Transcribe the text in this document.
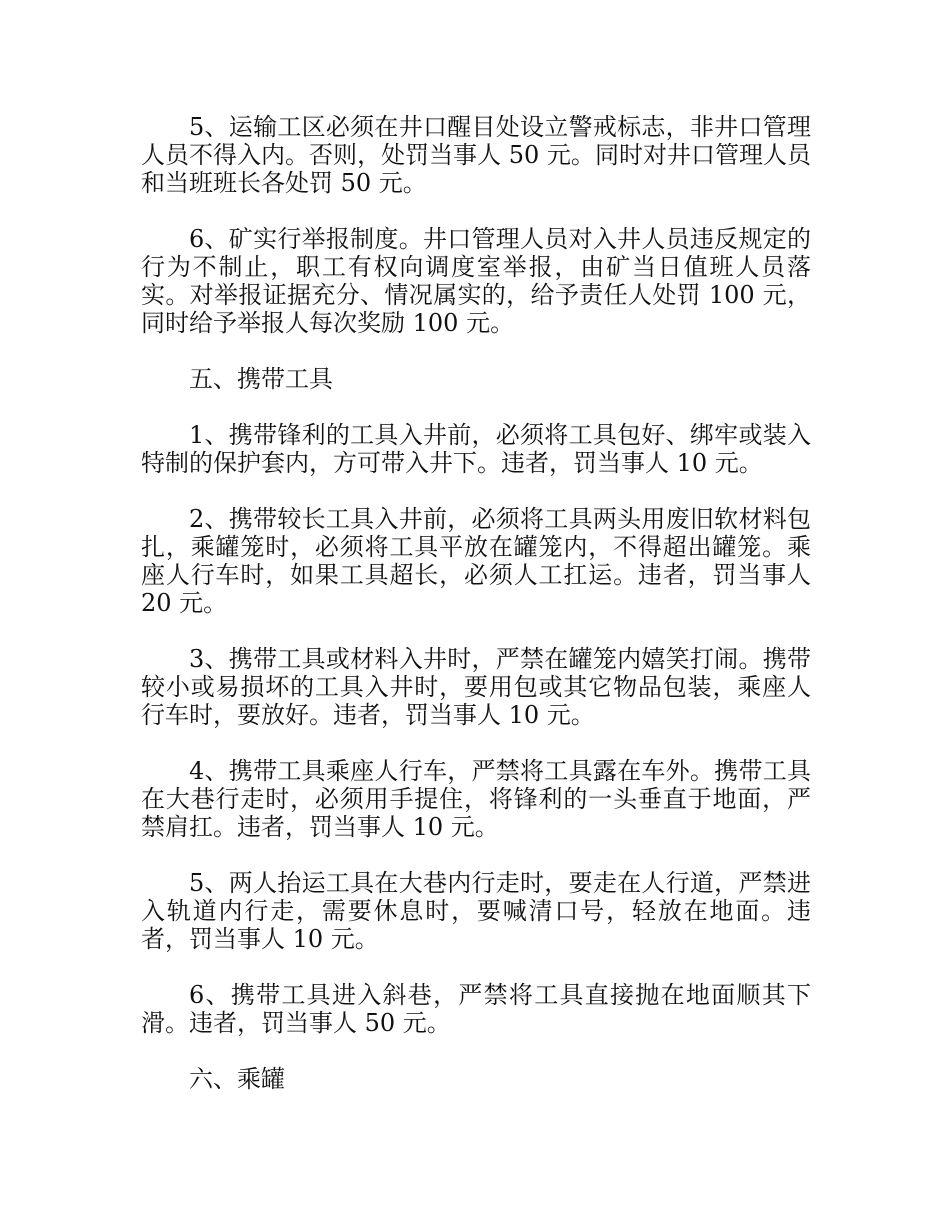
5、运输工区必须在井口醒目处设立警戒标志，非井口管理人员不得入内。否则，处罚当事人 50 元。同时对井口管理人员和当班班长各处罚 50 元。

6、矿实行举报制度。井口管理人员对入井人员违反规定的行为不制止，职工有权向调度室举报，由矿当日值班人员落实。对举报证据充分、情况属实的，给予责任人处罚 100 元，同时给予举报人每次奖励 100 元。

五、携带工具

1、携带锋利的工具入井前，必须将工具包好、绑牢或装入特制的保护套内，方可带入井下。违者，罚当事人 10 元。

2、携带较长工具入井前，必须将工具两头用废旧软材料包扎，乘罐笼时，必须将工具平放在罐笼内，不得超出罐笼。乘座人行车时，如果工具超长，必须人工扛运。违者，罚当事人 20 元。

3、携带工具或材料入井时，严禁在罐笼内嬉笑打闹。携带较小或易损坏的工具入井时，要用包或其它物品包装，乘座人行车时，要放好。违者，罚当事人 10 元。

4、携带工具乘座人行车，严禁将工具露在车外。携带工具在大巷行走时，必须用手提住，将锋利的一头垂直于地面，严禁肩扛。违者，罚当事人 10 元。

5、两人抬运工具在大巷内行走时，要走在人行道，严禁进入轨道内行走，需要休息时，要喊清口号，轻放在地面。违者，罚当事人 10 元。

6、携带工具进入斜巷，严禁将工具直接抛在地面顺其下滑。违者，罚当事人 50 元。

六、乘罐
